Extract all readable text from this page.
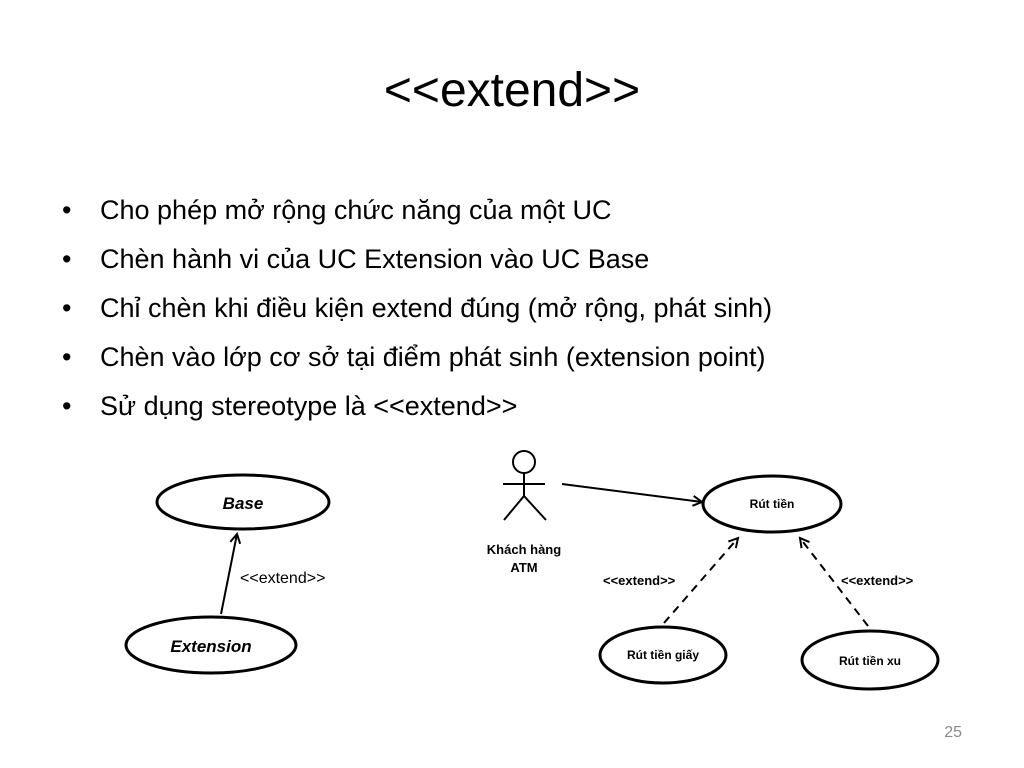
<<extend>>
• Cho phép mở rộng chức năng của một UC
• Chèn hành vi của UC Extension vào UC Base
• Chỉ chèn khi điều kiện extend đúng (mở rộng, phát sinh)
• Chèn vào lớp cơ sở tại điểm phát sinh (extension point)
• Sử dụng stereotype là <<extend>>
Base
<<extend>>
Extension
Khách hàng
ATM
Rút tiền
<<extend>>	<<extend>>
Rút tiền giấy	Rút tiền xu
25
